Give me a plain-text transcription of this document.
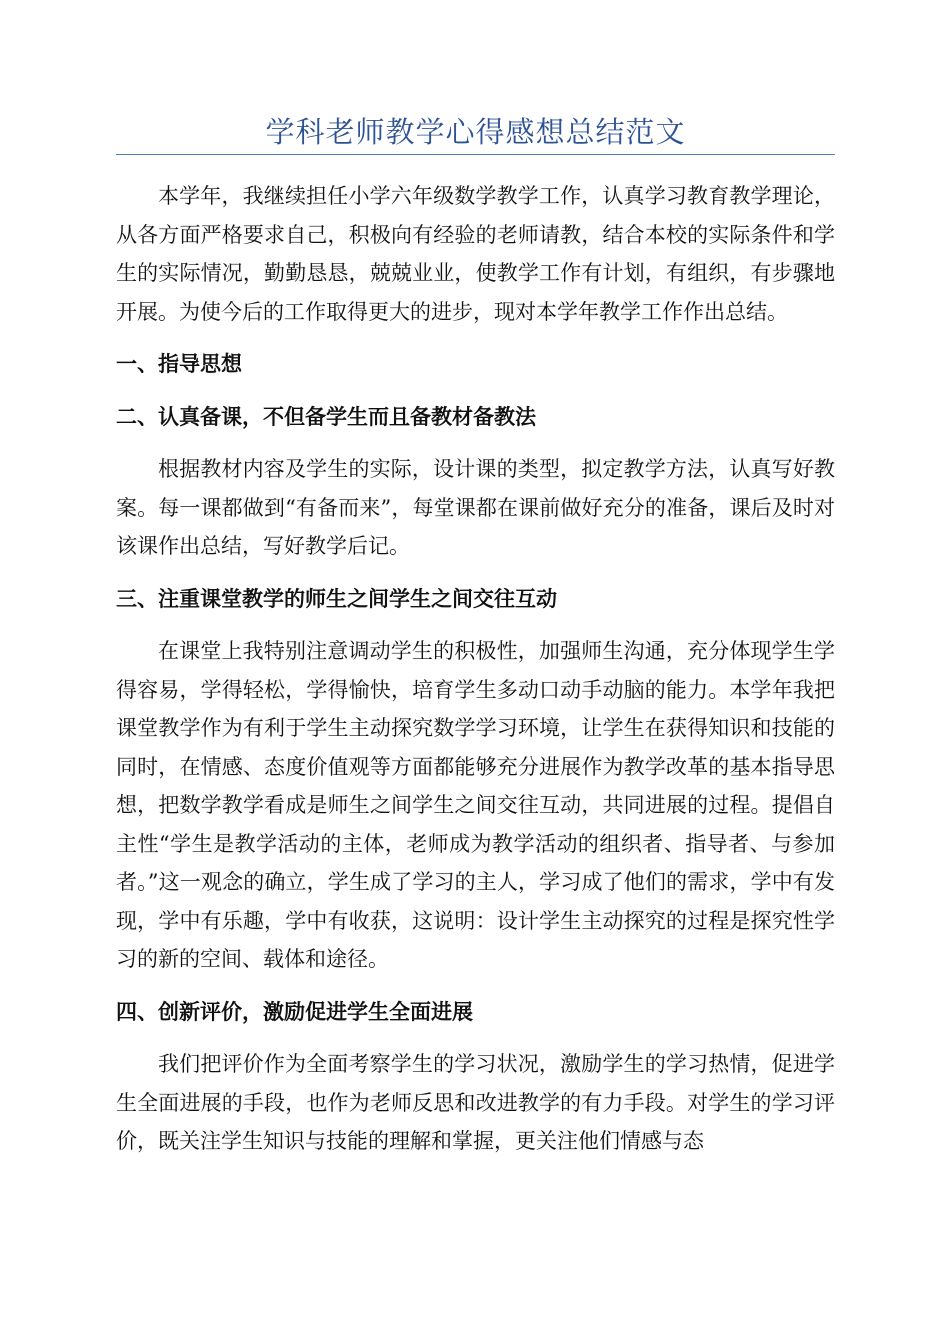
学科老师教学心得感想总结范文

本学年，我继续担任小学六年级数学教学工作，认真学习教育教学理论，从各方面严格要求自己，积极向有经验的老师请教，结合本校的实际条件和学生的实际情况，勤勤恳恳，兢兢业业，使教学工作有计划，有组织，有步骤地开展。为使今后的工作取得更大的进步，现对本学年教学工作作出总结。

一、指导思想
二、认真备课，不但备学生而且备教材备教法

根据教材内容及学生的实际，设计课的类型，拟定教学方法，认真写好教案。每一课都做到“有备而来”，每堂课都在课前做好充分的准备，课后及时对该课作出总结，写好教学后记。

三、注重课堂教学的师生之间学生之间交往互动

在课堂上我特别注意调动学生的积极性，加强师生沟通，充分体现学生学得容易，学得轻松，学得愉快，培育学生多动口动手动脑的能力。本学年我把课堂教学作为有利于学生主动探究数学学习环境，让学生在获得知识和技能的同时，在情感、态度价值观等方面都能够充分进展作为教学改革的基本指导思想，把数学教学看成是师生之间学生之间交往互动，共同进展的过程。提倡自主性“学生是教学活动的主体，老师成为教学活动的组织者、指导者、与参加者。”这一观念的确立，学生成了学习的主人，学习成了他们的需求，学中有发现，学中有乐趣，学中有收获，这说明：设计学生主动探究的过程是探究性学习的新的空间、载体和途径。

四、创新评价，激励促进学生全面进展

我们把评价作为全面考察学生的学习状况，激励学生的学习热情，促进学生全面进展的手段，也作为老师反思和改进教学的有力手段。对学生的学习评价，既关注学生知识与技能的理解和掌握，更关注他们情感与态
